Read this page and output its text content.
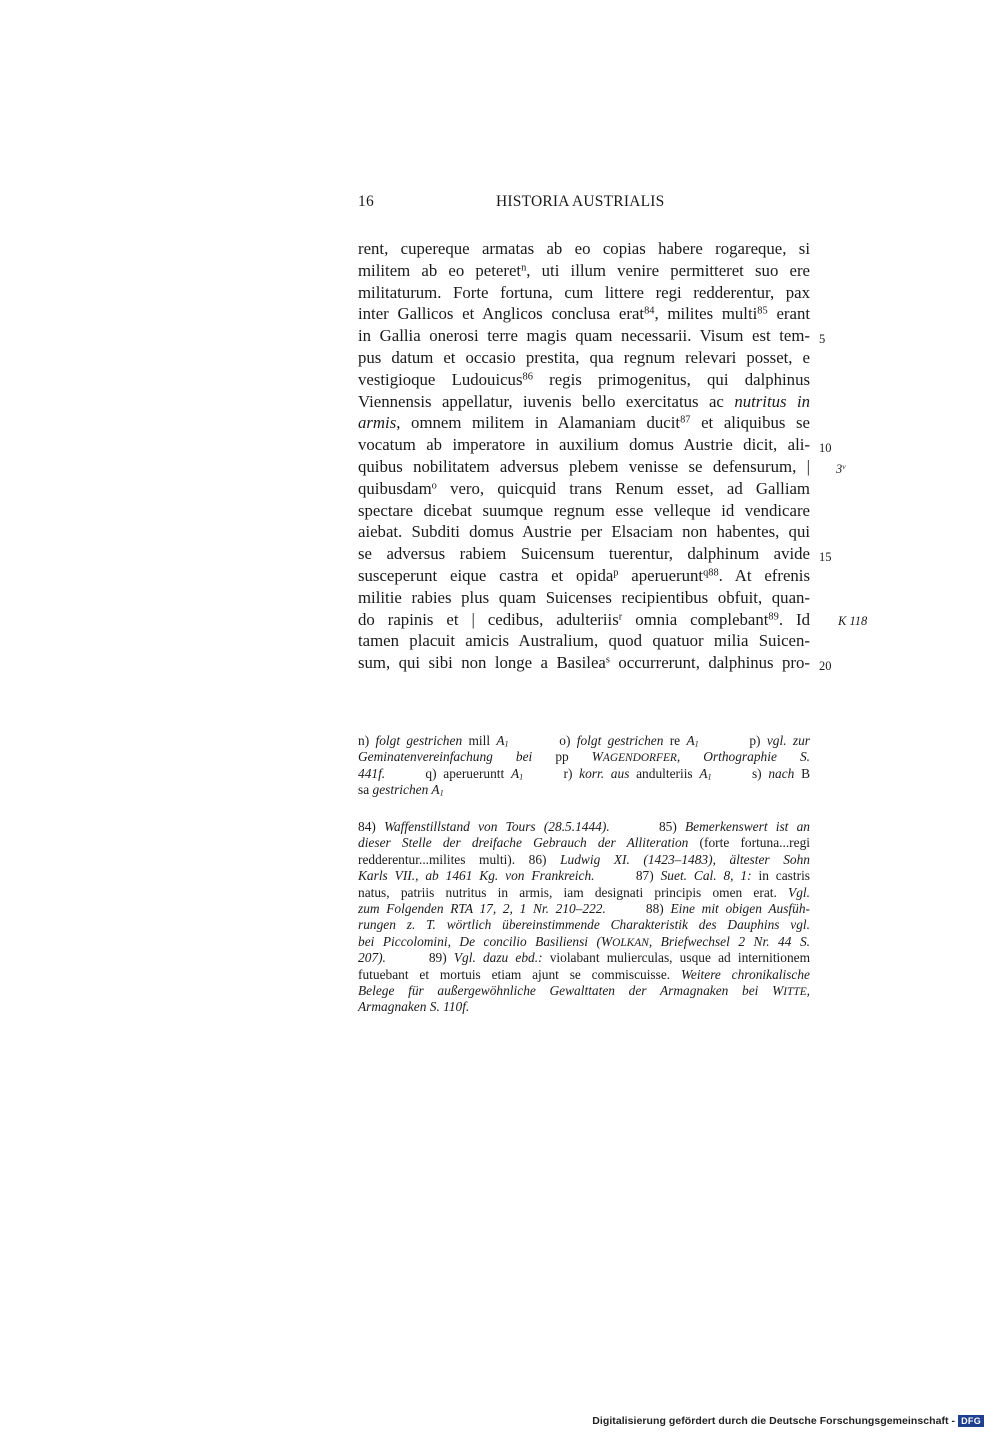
16	HISTORIA AUSTRIALIS
rent, cupereque armatas ab eo copias habere rogareque, si
militem ab eo peteret$^n$, uti illum venire permitteret suo ere
militaturum. Forte fortuna, cum littere regi redderentur, pax
inter Gallicos et Anglicos conclusa erat$^{84}$, milites multi$^{85}$ erant
in Gallia onerosi terre magis quam necessarii. Visum est tem-
pus datum et occasio prestita, qua regnum relevari posset, e
vestigioque Ludouicus$^{86}$ regis primogenitus, qui dalphinus
Viennensis appellatur, iuvenis bello exercitatus ac nutritus in
armis, omnem militem in Alamaniam ducit$^{87}$ et aliquibus se
vocatum ab imperatore in auxilium domus Austrie dicit, ali-
quibus nobilitatem adversus plebem venisse se defensurum, |
quibusdam$^o$ vero, quicquid trans Renum esset, ad Galliam
spectare dicebat suumque regnum esse velleque id vendicare
aiebat. Subditi domus Austrie per Elsaciam non habentes, qui
se adversus rabiem Suicensum tuerentur, dalphinum avide
susceperunt eique castra et opida$^p$ aperuerunt$^{q88}$. At efrenis
militie rabies plus quam Suicenses recipientibus obfuit, quan-
do rapinis et | cedibus, adulteriis$^r$ omnia complebant$^{89}$. Id
tamen placuit amicis Australium, quod quatuor milia Suicen-
sum, qui sibi non longe a Basilea$^s$ occurrerunt, dalphinus pro-
5
10
15
20
3$^v$
K 118
n) folgt gestrichen mill $A_1$	o) folgt gestrichen re $A_1$	p) vgl. zur
Geminatenvereinfachung bei pp WAGENDORFER, Orthographie S.
441f.	q) aperueruntt $A_1$	r) korr. aus andulteriis $A_1$	s) nach B
sa gestrichen $A_1$
84) Waffenstillstand von Tours (28.5.1444).	85) Bemerkenswert ist an
dieser Stelle der dreifache Gebrauch der Alliteration (forte fortuna...regi
redderentur...milites multi). 86) Ludwig XI. (1423–1483), ältester Sohn
Karls VII., ab 1461 Kg. von Frankreich.	87) Suet. Cal. 8, 1: in castris
natus, patriis nutritus in armis, iam designati principis omen erat. Vgl.
zum Folgenden RTA 17, 2, 1 Nr. 210–222.	88) Eine mit obigen Ausfüh-
rungen z. T. wörtlich übereinstimmende Charakteristik des Dauphins vgl.
bei Piccolomini, De concilio Basiliensi (WOLKAN, Briefwechsel 2 Nr. 44 S.
207).	89) Vgl. dazu ebd.: violabant mulierculas, usque ad internitionem
futuebant et mortuis etiam ajunt se commiscuisse. Weitere chronikalische
Belege für außergewöhnliche Gewalttaten der Armagnaken bei WITTE,
Armagnaken S. 110f.
Digitalisierung gefördert durch die Deutsche Forschungsgemeinschaft - DFG
